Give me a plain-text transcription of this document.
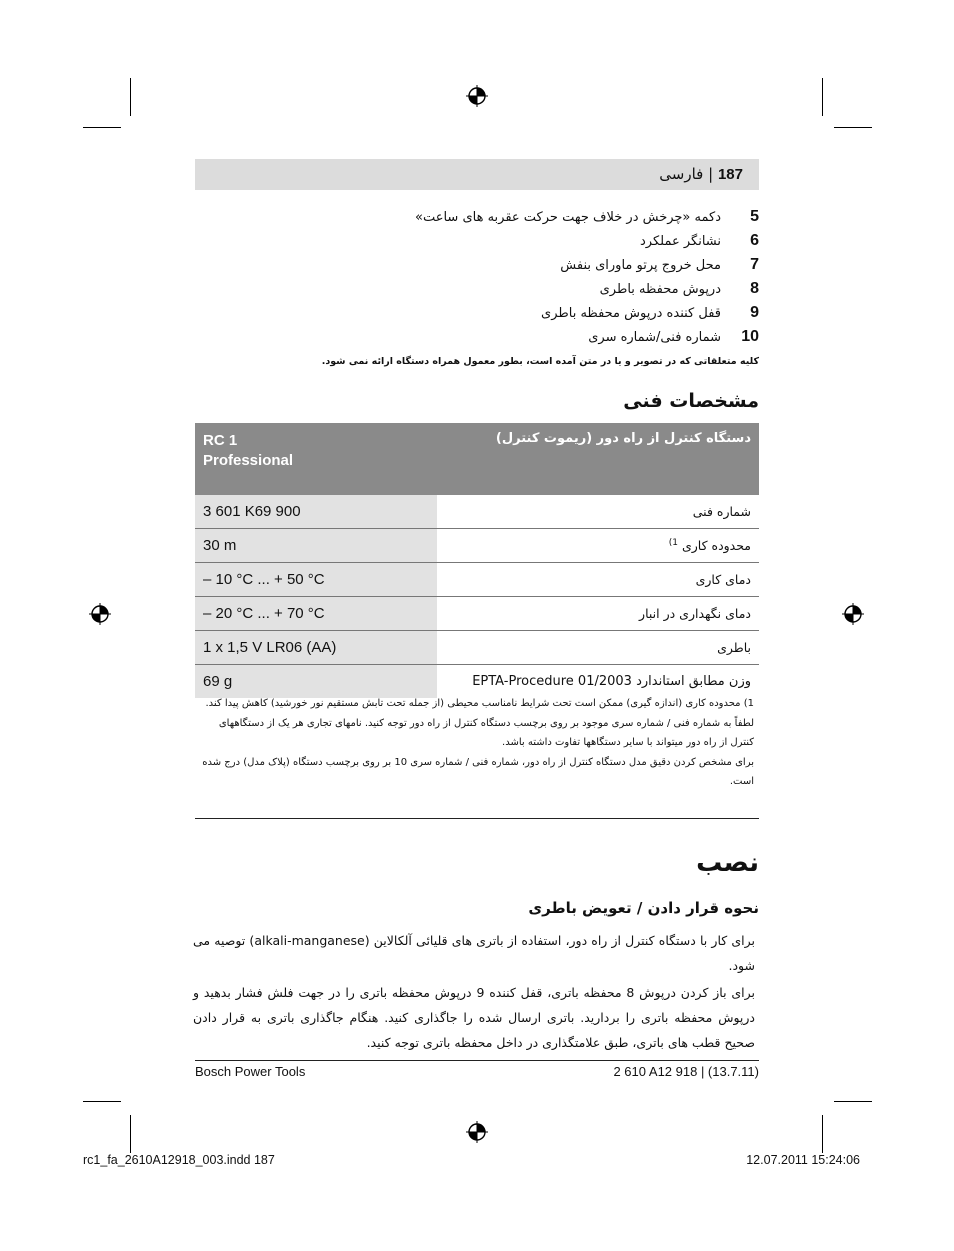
187 | فارسی
5
دکمه «چرخش در خلاف جهت حرکت عقربه های ساعت»
6
نشانگر عملکرد
7
محل خروج پرتو ماورای بنفش
8
درپوش محفظه باطری
9
قفل کننده درپوش محفظه باطری
10
شماره فنی/شماره سری
کلیه متعلقاتی که در تصویر و یا در متن آمده است، بطور معمول همراه دستگاه ارائه نمی شود.
مشخصات فنی
RC 1
Professional	دستگاه کنترل از راه دور (ریموت کنترل)
3 601 K69 900	شماره فنی
30 m	محدوده کاری $^{1)}$
– 10 °C ... + 50 °C	دمای کاری
– 20 °C ... + 70 °C	دمای نگهداری در انبار
1 x 1,5 V LR06 (AA)	باطری
69 g	وزن مطابق استاندارد EPTA-Procedure 01/2003
1) محدوده کاری (اندازه گیری) ممکن است تحت شرایط نامناسب محیطی (از جمله تحت تابش مستقیم نور خورشید) کاهش پیدا کند.
لطفاً به شماره فنی / شماره سری موجود بر روی برچسب دستگاه کنترل از راه دور توجه کنید. نامهای تجاری هر یک از دستگاههای کنترل از راه دور میتواند با سایر دستگاهها تفاوت داشته باشد.
برای مشخص کردن دقیق مدل دستگاه کنترل از راه دور، شماره فنی / شماره سری 10 بر روی برچسب دستگاه (پلاک مدل) درج شده است.
نصب
نحوه قرار دادن / تعویض باطری
برای کار با دستگاه کنترل از راه دور، استفاده از باتری های قلیائی آلکالاین (alkali-manganese) توصیه می شود.
برای باز کردن درپوش 8 محفظه باتری، قفل کننده 9 درپوش محفظه باتری را در جهت فلش فشار بدهید و درپوش محفظه باتری را بردارید. باتری ارسال شده را جاگذاری کنید. هنگام جاگذاری باتری به قرار دادن صحیح قطب های باتری، طبق علامتگذاری در داخل محفظه باتری توجه کنید.
Bosch Power Tools	2 610 A12 918 | (13.7.11)
rc1_fa_2610A12918_003.indd 187	12.07.2011 15:24:06
